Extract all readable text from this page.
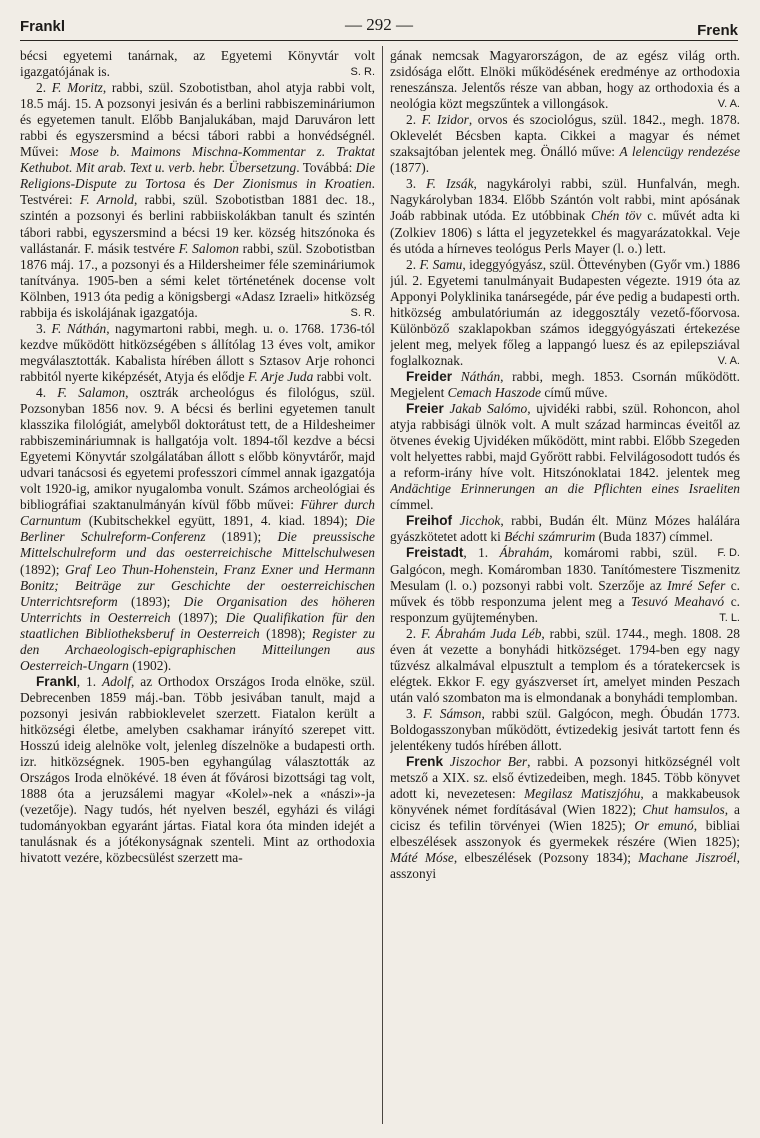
Frankl	— 292 —	Frenk

bécsi egyetemi tanárnak, az Egyetemi Könyvtár volt igazgatójának is.	S. R.

2. F. Moritz, rabbi, szül. Szobotistban, ahol atyja rabbi volt, 18.5 máj. 15. A pozsonyi jesiván és a berlini rabbiszemináriumon és egyetemen tanult. Előbb Banjalukában, majd Daruváron lett rabbi és egyszersmind a bécsi tábori rabbi a honvédségnél. Művei: Mose b. Maimons Mischna-Kommentar z. Traktat Kethubot. Mit arab. Text u. verb. hebr. Übersetzung. Továbbá: Die Religions-Dispute zu Tortosa és Der Zionismus in Kroatien. Testvérei: F. Arnold, rabbi, szül. Szobotistban 1881 dec. 18., szintén a pozsonyi és berlini rabbiiskolákban tanult és szintén tábori rabbi, egyszersmind a bécsi 19 ker. község hitszónoka és vallástanár. F. másik testvére F. Salomon rabbi, szül. Szobotistban 1876 máj. 17., a pozsonyi és a Hildersheimer féle szemináriumok tanítványa. 1905-ben a sémi kelet történetének docense volt Kölnben, 1913 óta pedig a königsbergi «Adasz Izraeli» hitközség rabbija és iskolájának igazgatója.	S. R.

3. F. Náthán, nagymartoni rabbi, megh. u. o. 1768. 1736-tól kezdve működött hitközségében s állítólag 13 éves volt, amikor megválasztották. Kabalista hírében állott s Sztasov Arje rohonci rabbitól nyerte kiképzését, Atyja és elődje F. Arje Juda rabbi volt.

4. F. Salamon, osztrák archeológus és filológus, szül. Pozsonyban 1856 nov. 9. A bécsi és berlini egyetemen tanult klasszika filológiát, amelyből doktorátust tett, de a Hildesheimer rabbiszemináriumnak is hallgatója volt. 1894-től kezdve a bécsi Egyetemi Könyvtár szolgálatában állott s előbb könyvtárőr, majd udvari tanácsosi és egyetemi professzori címmel annak igazgatója volt 1920-ig, amikor nyugalomba vonult. Számos archeológiai és bibliográfiai szaktanulmányán kívül főbb művei: Führer durch Carnuntum (Kubitschekkel együtt, 1891, 4. kiad. 1894); Die Berliner Schulreform-Conferenz (1891); Die preussische Mittelschulreform und das oesterreichische Mittelschulwesen (1892); Graf Leo Thun-Hohenstein, Franz Exner und Hermann Bonitz; Beiträge zur Geschichte der oesterreichischen Unterrichtsreform (1893); Die Organisation des höheren Unterrichts in Oesterreich (1897); Die Qualifikation für den staatlichen Bibliotheksberuf in Oesterreich (1898); Register zu den Archaeologisch-epigraphischen Mitteilungen aus Oesterreich-Ungarn (1902).

Frankl, 1. Adolf, az Orthodox Országos Iroda elnöke, szül. Debrecenben 1859 máj.-ban. Több jesivában tanult, majd a pozsonyi jesiván rabbioklevelet szerzett. Fiatalon került a hitközségi életbe, amelyben csakhamar irányító szerepet vitt. Hosszú ideig alelnöke volt, jelenleg díszelnöke a budapesti orth. izr. hitközségnek. 1905-ben egyhangúlag választották az Országos Iroda elnökévé. 18 éven át fővárosi bizottsági tag volt, 1888 óta a jeruzsálemi magyar «Kolel»-nek a «nászi»-ja (vezetője). Nagy tudós, hét nyelven beszél, egyházi és világi tudományokban egyaránt jártas. Fiatal kora óta minden idejét a tanulásnak és a jótékonyságnak szenteli. Mint az orthodoxia hivatott vezére, közbecsülést szerzett ma-

gának nemcsak Magyarországon, de az egész világ orth. zsidósága előtt. Elnöki működésének eredménye az orthodoxia reneszánsza. Jelentős része van abban, hogy az orthodoxia és a neológia közt megszűntek a villongások.	V. A.

2. F. Izidor, orvos és szociológus, szül. 1842., megh. 1878. Oklevelét Bécsben kapta. Cikkei a magyar és német szaksajtóban jelentek meg. Önálló műve: A lelencügy rendezése (1877).

3. F. Izsák, nagykárolyi rabbi, szül. Hunfalván, megh. Nagykárolyban 1834. Előbb Szántón volt rabbi, mint apósának Joáb rabbinak utóda. Ez utóbbinak Chén töv c. művét adta ki (Zolkiev 1806) s látta el jegyzetekkel és magyarázatokkal. Veje és utóda a hírneves teológus Perls Mayer (l. o.) lett.

2. F. Samu, ideggyógyász, szül. Öttevényben (Győr vm.) 1886 júl. 2. Egyetemi tanulmányait Budapesten végezte. 1919 óta az Apponyi Polyklinika tanársegéde, pár éve pedig a budapesti orth. hitközség ambulatóriumán az ideggosztály vezető-főorvosa. Különböző szaklapokban számos ideggyógyászati értekezése jelent meg, melyek főleg a lappangó luesz és az epilepsziával foglalkoznak.	V. A.

Freider Náthán, rabbi, megh. 1853. Csornán működött. Megjelent Cemach Haszode című műve.

Freier Jakab Salómo, ujvidéki rabbi, szül. Rohoncon, ahol atyja rabbisági ülnök volt. A mult század harmincas éveitől az ötvenes évekig Ujvidéken működött, mint rabbi. Előbb Szegeden volt helyettes rabbi, majd Győrött rabbi. Felvilágosodott tudós és a reform-irány híve volt. Hitszónoklatai 1842. jelentek meg Andächtige Erinnerungen an die Pflichten eines Israeliten címmel.

Freihof Jicchok, rabbi, Budán élt. Münz Mózes halálára gyászkötetet adott ki Béchi számrurim (Buda 1837) címmel.
F. D.

Freistadt, 1. Ábrahám, komáromi rabbi, szül. Galgócon, megh. Komáromban 1830. Tanítómestere Tiszmenitz Mesulam (l. o.) pozsonyi rabbi volt. Szerzője az Imré Sefer c. művek és több responzuma jelent meg a Tesuvó Meahavó c. responzum gyüjteményben.	T. L.

2. F. Ábrahám Juda Léb, rabbi, szül. 1744., megh. 1808. 28 éven át vezette a bonyhádi hitközséget. 1794-ben egy nagy tűzvész alkalmával elpusztult a templom és a tóratekercsek is elégtek. Ekkor F. egy gyászverset írt, amelyet minden Peszach után való szombaton ma is elmondanak a bonyhádi templomban.

3. F. Sámson, rabbi szül. Galgócon, megh. Óbudán 1773. Boldogasszonyban működött, évtizedekig jesivát tartott fenn és jelentékeny tudós hírében állott.

Frenk Jiszochor Ber, rabbi. A pozsonyi hitközségnél volt metsző a XIX. sz. első évtizedeiben, megh. 1845. Több könyvet adott ki, nevezetesen: Megilasz Matiszjóhu, a makkabeusok könyvének német fordításával (Wien 1822); Chut hamsulos, a cicisz és tefilin törvényei (Wien 1825); Or emunó, bibliai elbeszélések asszonyok és gyermekek részére (Wien 1825); Máté Móse, elbeszélések (Pozsony 1834); Machane Jiszroél, asszonyi
